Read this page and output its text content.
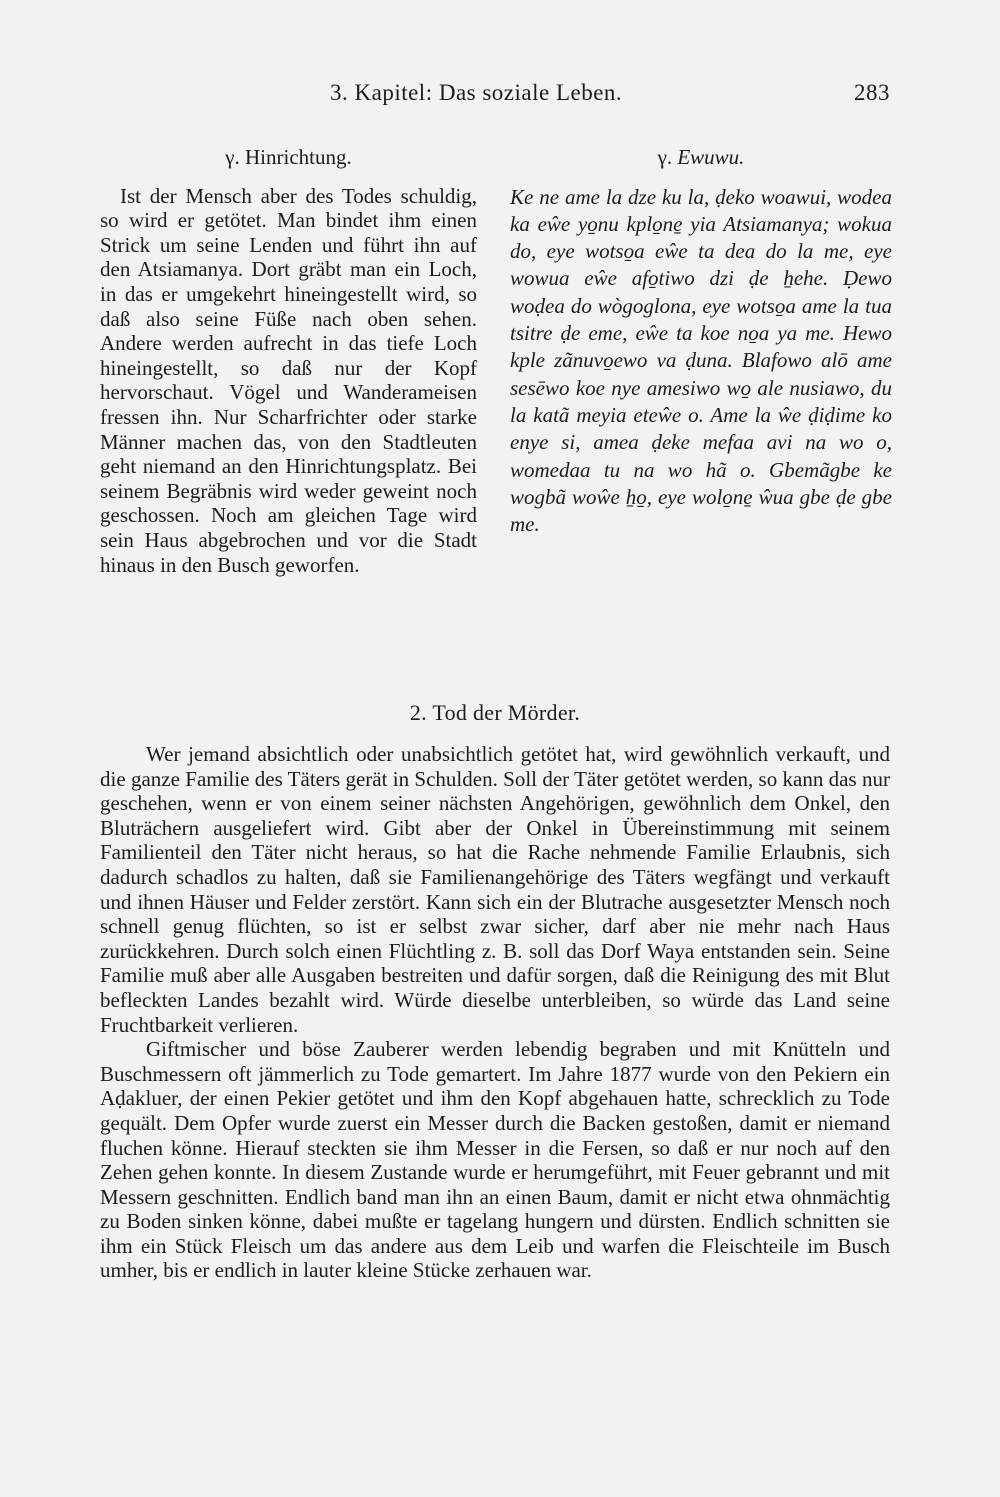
3. Kapitel: Das soziale Leben.	283
γ. Hinrichtung.

Ist der Mensch aber des Todes schuldig, so wird er getötet. Man bindet ihm einen Strick um seine Lenden und führt ihn auf den Atsiamanya. Dort gräbt man ein Loch, in das er umgekehrt hineingestellt wird, so daß also seine Füße nach oben sehen. Andere werden aufrecht in das tiefe Loch hineingestellt, so daß nur der Kopf hervorschaut. Vögel und Wanderameisen fressen ihn. Nur Scharfrichter oder starke Männer machen das, von den Stadtleuten geht niemand an den Hinrichtungsplatz. Bei seinem Begräbnis wird weder geweint noch geschossen. Noch am gleichen Tage wird sein Haus abgebrochen und vor die Stadt hinaus in den Busch geworfen.

γ. Ewuwu.

Ke ne ame la dze ku la, ḍeko woawui, wodea ka eŵe yo̱nu kplo̱ne̱ yia Atsiamanya; wokua do, eye wotso̱a eŵe ta dea do la me, eye wowua eŵe afo̱tiwo dzi ḍe ẖehe. Ḍewo woḍea do wògoglona, eye wotso̱a ame la tua tsitre ḍe eme, eŵe ta koe no̱a ya me. Hewo kple zãnuvo̱ewo va ḍuna. Blafowo alō ame sesēwo koe nye amesiwo wo̱ ale nusiawo, du la katã meyia eteŵe o. Ame la ŵe ḍiḍime ko enye si, amea ḍeke mefaa avi na wo o, womedaa tu na wo hã o. Gbemãgbe ke wogbã woŵe ẖo̱, eye wolo̱ne̱ ŵua gbe ḍe gbe me.

2. Tod der Mörder.

Wer jemand absichtlich oder unabsichtlich getötet hat, wird gewöhnlich verkauft, und die ganze Familie des Täters gerät in Schulden. Soll der Täter getötet werden, so kann das nur geschehen, wenn er von einem seiner nächsten Angehörigen, gewöhnlich dem Onkel, den Bluträchern ausgeliefert wird. Gibt aber der Onkel in Übereinstimmung mit seinem Familienteil den Täter nicht heraus, so hat die Rache nehmende Familie Erlaubnis, sich dadurch schadlos zu halten, daß sie Familienangehörige des Täters wegfängt und verkauft und ihnen Häuser und Felder zerstört. Kann sich ein der Blutrache ausgesetzter Mensch noch schnell genug flüchten, so ist er selbst zwar sicher, darf aber nie mehr nach Haus zurückkehren. Durch solch einen Flüchtling z. B. soll das Dorf Waya entstanden sein. Seine Familie muß aber alle Ausgaben bestreiten und dafür sorgen, daß die Reinigung des mit Blut befleckten Landes bezahlt wird. Würde dieselbe unterbleiben, so würde das Land seine Fruchtbarkeit verlieren.

Giftmischer und böse Zauberer werden lebendig begraben und mit Knütteln und Buschmessern oft jämmerlich zu Tode gemartert. Im Jahre 1877 wurde von den Pekiern ein Aḍakluer, der einen Pekier getötet und ihm den Kopf abgehauen hatte, schrecklich zu Tode gequält. Dem Opfer wurde zuerst ein Messer durch die Backen gestoßen, damit er niemand fluchen könne. Hierauf steckten sie ihm Messer in die Fersen, so daß er nur noch auf den Zehen gehen konnte. In diesem Zustande wurde er herumgeführt, mit Feuer gebrannt und mit Messern geschnitten. Endlich band man ihn an einen Baum, damit er nicht etwa ohnmächtig zu Boden sinken könne, dabei mußte er tagelang hungern und dürsten. Endlich schnitten sie ihm ein Stück Fleisch um das andere aus dem Leib und warfen die Fleischteile im Busch umher, bis er endlich in lauter kleine Stücke zerhauen war.
